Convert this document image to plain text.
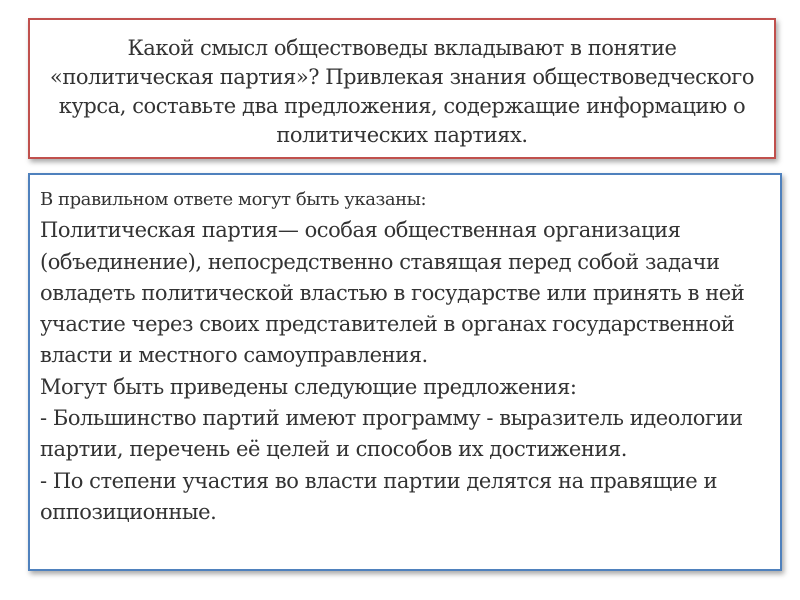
Какой смысл обществоведы вкладывают в понятие «политическая партия»? Привлекая знания обществоведческого курса, составьте два предложения, содержащие информацию о политических партиях.
В правильном ответе могут быть указаны:
Политическая партия— особая общественная организация
(объединение), непосредственно ставящая перед собой задачи
овладеть политической властью в государстве или принять в ней
участие через своих представителей в органах государственной
власти и местного самоуправления.
Могут быть приведены следующие предложения:
- Большинство партий имеют программу - выразитель идеологии
партии, перечень её целей и способов их достижения.
- По степени участия во власти партии делятся на правящие и
оппозиционные.
